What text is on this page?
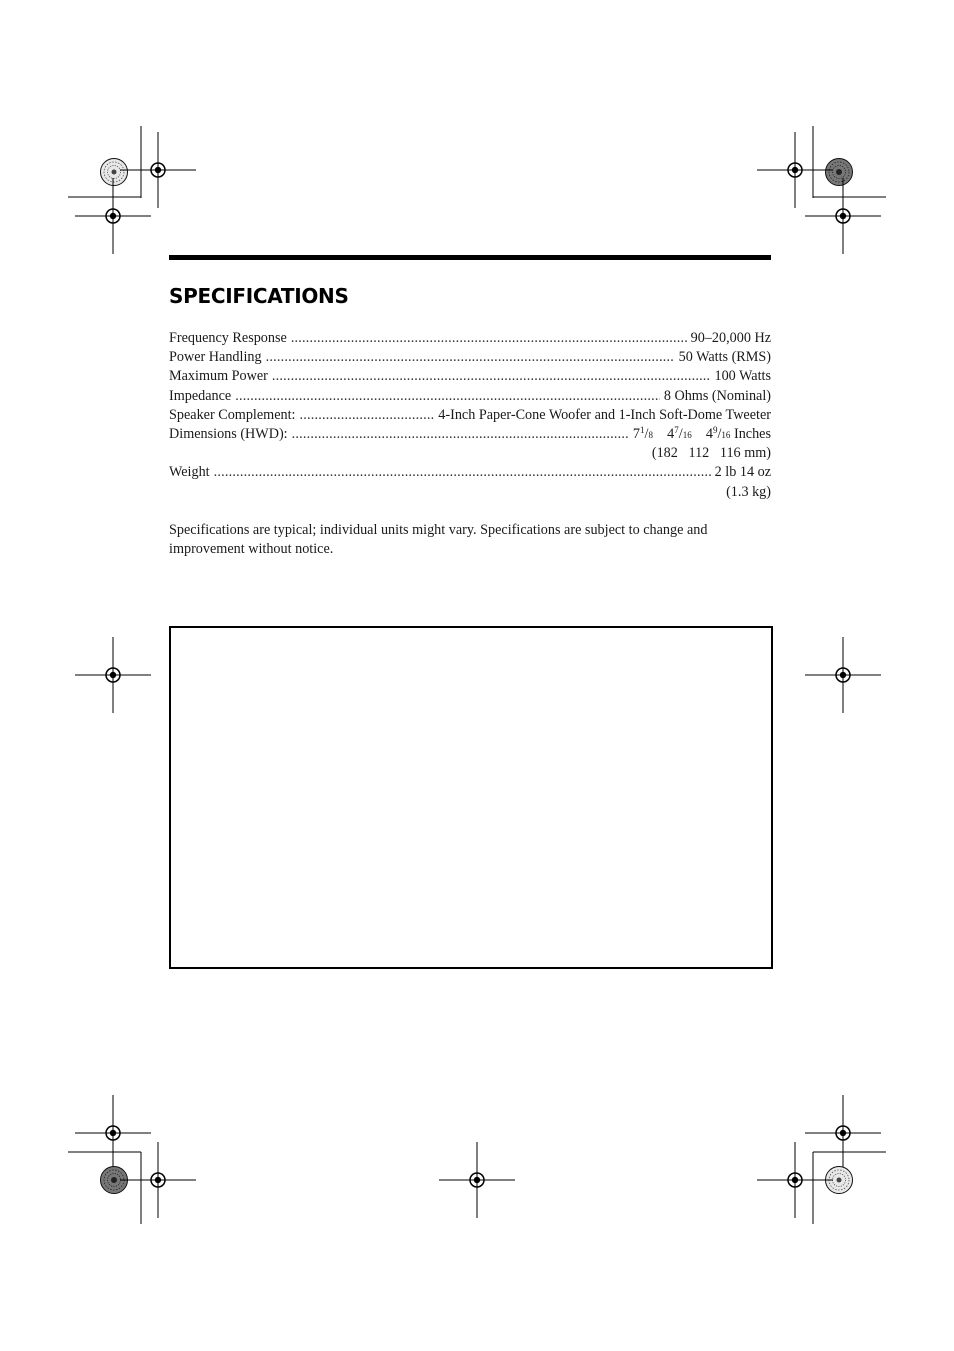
SPECIFICATIONS
Frequency Response .....	90–20,000 Hz
Power Handling .....	50 Watts (RMS)
Maximum Power .....	100 Watts
Impedance .....	8 Ohms (Nominal)
Speaker Complement: .....	4-Inch Paper-Cone Woofer and 1-Inch Soft-Dome Tweeter
Dimensions (HWD): .....	$7^1/8$ $4^7/16$ $4^9/16$ Inches
(182   112   116 mm)
Weight .....	2 lb 14 oz
(1.3 kg)

Specifications are typical; individual units might vary. Specifications are subject to change and improvement without notice.
